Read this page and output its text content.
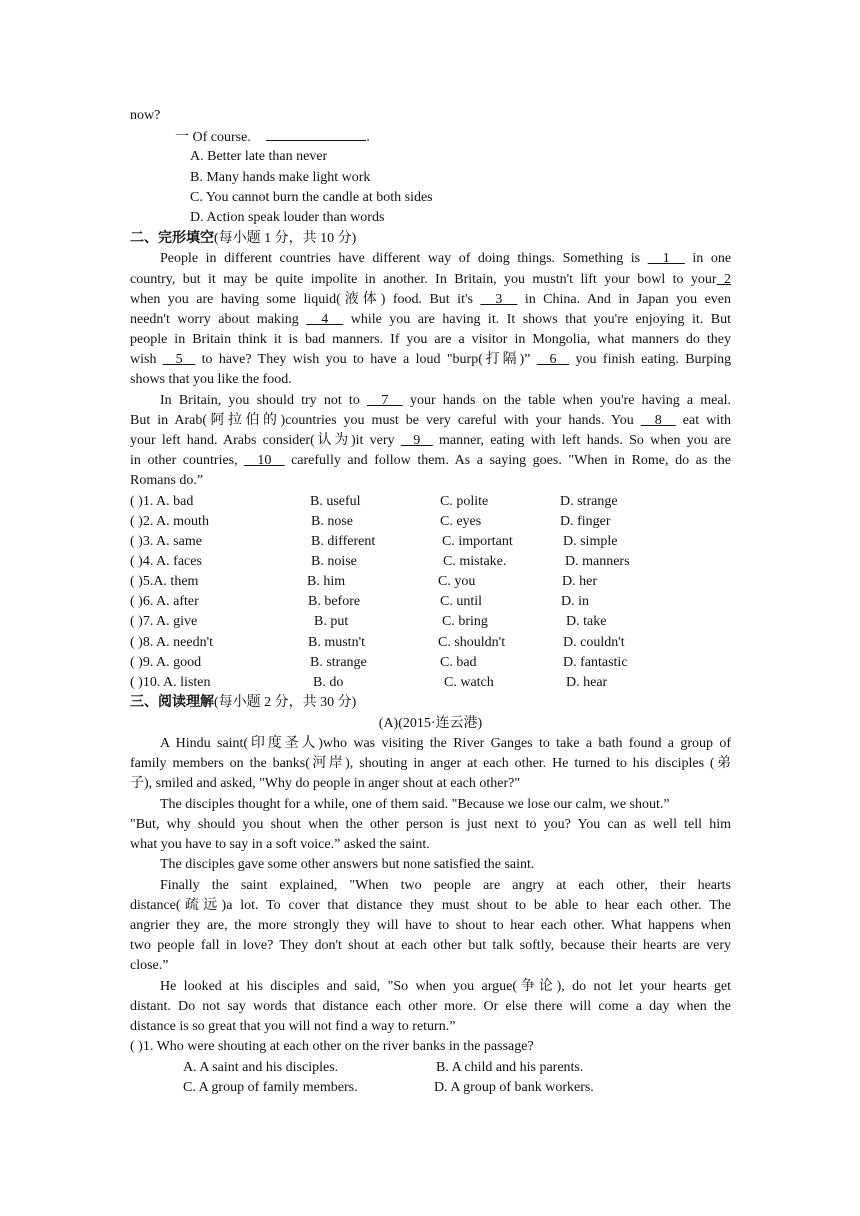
now?
一 Of course.	.
A. Better late than never
B. Many hands make light work
C. You cannot burn the candle at both sides
D. Action speak louder than words
二、完形填空(每小题 1 分，共 10 分)
People in different countries have different way of doing things. Something is 1 in one
country, but it may be quite impolite in another. In Britain, you mustn't lift your bowl to your 2
when you are having some liquid(液体) food. But it's 3 in China. And in Japan you even
needn't worry about making 4 while you are having it. It shows that you're enjoying it. But
people in Britain think it is bad manners. If you are a visitor in Mongolia, what manners do they
wish 5 to have? They wish you to have a loud "burp(打隔)” 6 you finish eating. Burping
shows that you like the food.
In Britain, you should try not to 7 your hands on the table when you're having a meal.
But in Arab(阿拉伯的)countries you must be very careful with your hands. You 8 eat with
your left hand. Arabs consider(认为)it very 9 manner, eating with left hands. So when you are
in other countries, 10 carefully and follow them. As a saying goes. "When in Rome, do as the
Romans do.”
( )1. A. bad	B. useful	C. polite	D. strange
( )2. A. mouth	B. nose	C. eyes	D. finger
( )3. A. same	B. different	C. important	D. simple
( )4. A. faces	B. noise	C. mistake.	D. manners
( )5.A. them	B. him	C. you	D. her
( )6. A. after	B. before	C. until	D. in
( )7. A. give	B. put	C. bring	D. take
( )8. A. needn't	B. mustn't	C. shouldn't	D. couldn't
( )9. A. good	B. strange	C. bad	D. fantastic
( )10. A. listen	B. do	C. watch	D. hear
三、阅读理解(每小题 2 分，共 30 分)
(A)(2015·连云港)
A Hindu saint(印度圣人)who was visiting the River Ganges to take a bath found a group of
family members on the banks(河岸), shouting in anger at each other. He turned to his disciples (弟
子), smiled and asked, "Why do people in anger shout at each other?"
The disciples thought for a while, one of them said. "Because we lose our calm, we shout.”
"But, why should you shout when the other person is just next to you? You can as well tell him
what you have to say in a soft voice.” asked the saint.
The disciples gave some other answers but none satisfied the saint.
Finally the saint explained, "When two people are angry at each other, their hearts
distance(疏远)a lot. To cover that distance they must shout to be able to hear each other. The
angrier they are, the more strongly they will have to shout to hear each other. What happens when
two people fall in love? They don't shout at each other but talk softly, because their hearts are very
close.”
He looked at his disciples and said, "So when you argue(争论), do not let your hearts get
distant. Do not say words that distance each other more. Or else there will come a day when the
distance is so great that you will not find a way to return.”
( )1. Who were shouting at each other on the river banks in the passage?
A. A saint and his disciples.	B. A child and his parents.
C. A group of family members.	D. A group of bank workers.
